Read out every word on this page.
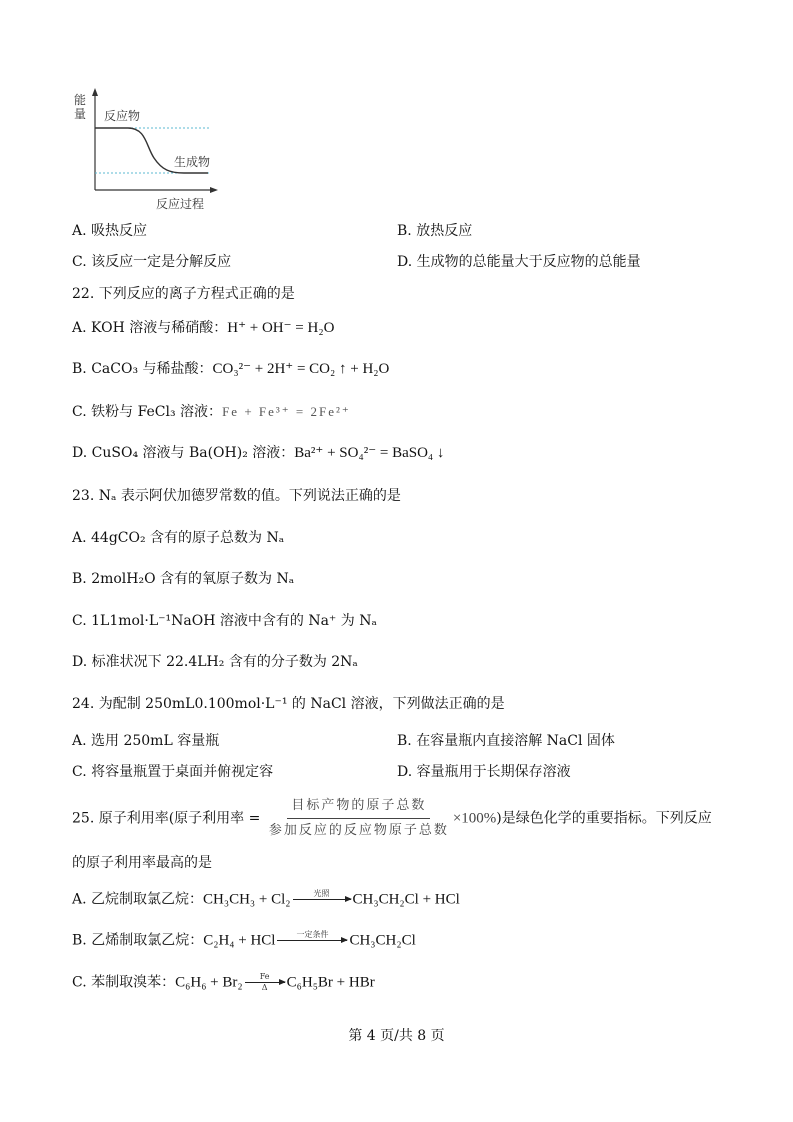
能
量 反应物
生成物
反应过程
A. 吸热反应	B. 放热反应
C. 该反应一定是分解反应	D. 生成物的总能量大于反应物的总能量
22. 下列反应的离子方程式正确的是
A. KOH 溶液与稀硝酸：H⁺ + OH⁻ = H₂O
B. CaCO₃ 与稀盐酸：CO₃²⁻ + 2H⁺ = CO₂ ↑ + H₂O
C. 铁粉与 FeCl₃ 溶液：Fe + Fe³⁺ = 2Fe²⁺
D. CuSO₄ 溶液与 Ba(OH)₂ 溶液：Ba²⁺ + SO₄²⁻ = BaSO₄ ↓
23. Nₐ 表示阿伏加德罗常数的值。下列说法正确的是
A. 44gCO₂ 含有的原子总数为 Nₐ
B. 2molH₂O 含有的氧原子数为 Nₐ
C. 1L1mol·L⁻¹NaOH 溶液中含有的 Na⁺ 为 Nₐ
D. 标准状况下 22.4LH₂ 含有的分子数为 2Nₐ
24. 为配制 250mL0.100mol·L⁻¹ 的 NaCl 溶液，下列做法正确的是
A. 选用 250mL 容量瓶	B. 在容量瓶内直接溶解 NaCl 固体
C. 将容量瓶置于桌面并俯视定容	D. 容量瓶用于长期保存溶液
25. 原子利用率(原子利用率 = $\frac{\text{目标产物的原子总数}}{\text{参加反应的反应物原子总数}} \times 100\%$)是绿色化学的重要指标。下列反应
的原子利用率最高的是
A. 乙烷制取氯乙烷：CH₃CH₃ + Cl₂	光照 CH₃CH₂Cl + HCl
B. 乙烯制取氯乙烷：C₂H₄ + HCl	一定条件 CH₃CH₂Cl
C. 苯制取溴苯：$C_6H_6 + Br_2 \frac{Fe}{\Delta} C_6H_5Br$ + HBr
第 4 页/共 8 页
